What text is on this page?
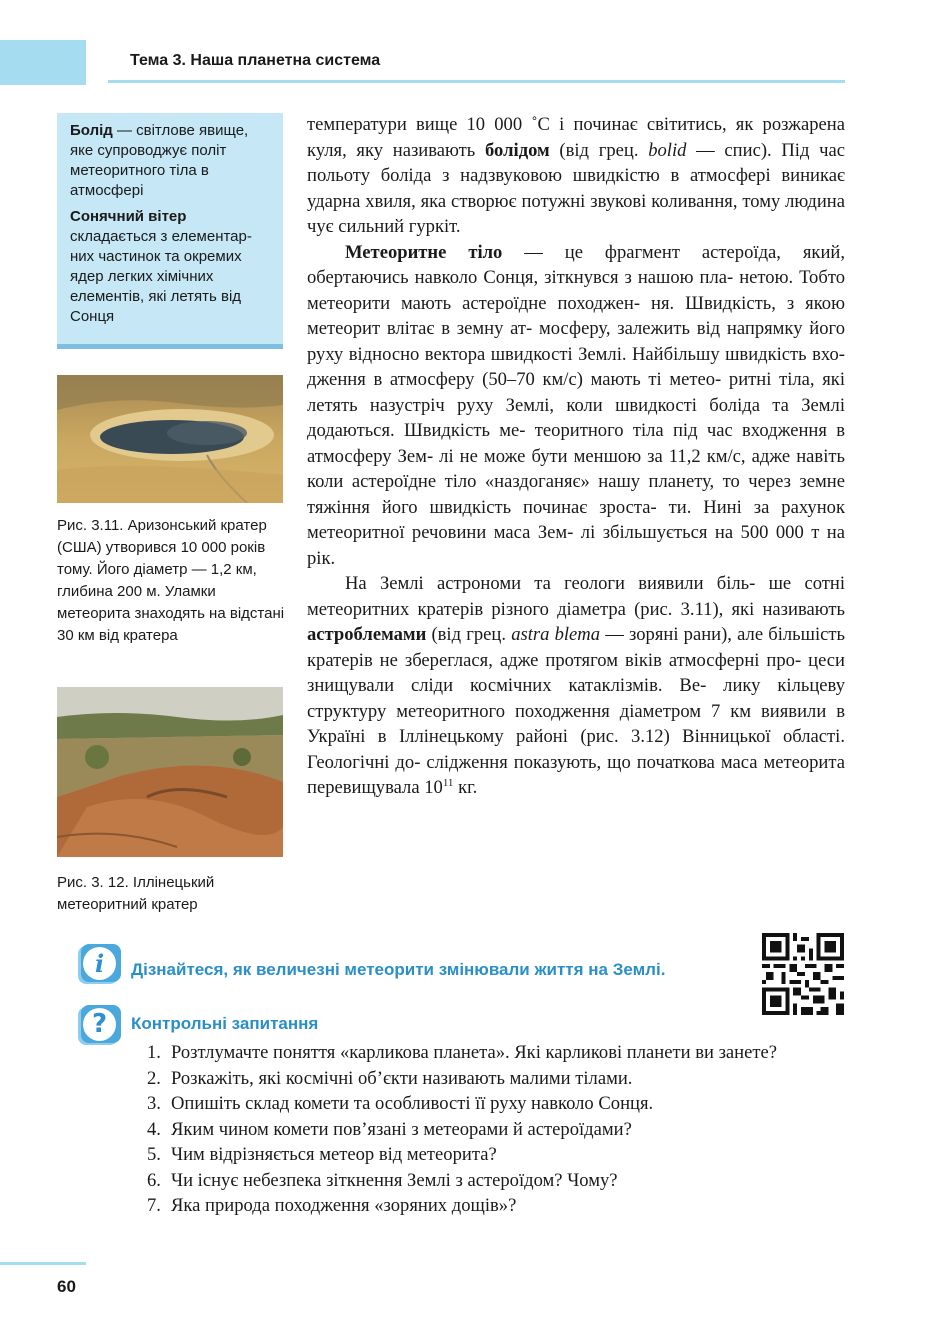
Тема 3. Наша планетна система

Болід — світлове явище, яке супроводжує політ метеоритного тіла в атмосфері

Сонячний вітер
складається з елементар- них частинок та окремих ядер легких хімічних елементів, які летять від Сонця

Рис. 3.11. Аризонський кратер (США) утворився 10 000 років тому. Його діаметр — 1,2 км, глибина 200 м. Уламки метеорита знаходять на відстані 30 км від кратера
Рис. 3. 12. Іллінецький метеоритний кратер

температури вище 10 000 ˚С і починає світитись, як розжарена куля, яку називають болідом (від грец. bolid — спис). Під час польоту боліда з надзвуковою швидкістю в атмосфері виникає ударна хвиля, яка створює потужні звукові коливання, тому людина чує сильний гуркіт.

Метеоритне тіло — це фрагмент астероїда, який, обертаючись навколо Сонця, зіткнувся з нашою пла- нетою. Тобто метеорити мають астероїдне походжен- ня. Швидкість, з якою метеорит влітає в земну ат- мосферу, залежить від напрямку його руху відносно вектора швидкості Землі. Найбільшу швидкість вхо- дження в атмосферу (50–70 км/с) мають ті метео- ритні тіла, які летять назустріч руху Землі, коли швидкості боліда та Землі додаються. Швидкість ме- теоритного тіла під час входження в атмосферу Зем- лі не може бути меншою за 11,2 км/с, адже навіть коли астероїдне тіло «наздоганяє» нашу планету, то через земне тяжіння його швидкість починає зроста- ти. Нині за рахунок метеоритної речовини маса Зем- лі збільшується на 500 000 т на рік.

На Землі астрономи та геологи виявили біль- ше сотні метеоритних кратерів різного діаметра (рис. 3.11), які називають астроблемами (від грец. astra blema — зоряні рани), але більшість кратерів не збереглася, адже протягом віків атмосферні про- цеси знищували сліди космічних катаклізмів. Ве- лику кільцеву структуру метеоритного походження діаметром 7 км виявили в Україні в Іллінецькому районі (рис. 3.12) Вінницької області. Геологічні до- слідження показують, що початкова маса метеорита перевищувала $10^{11}$ кг.

i	Дізнайтеся, як величезні метеорити змінювали життя на Землі.
?	Контрольні запитання
1. Розтлумачте поняття «карликова планета». Які карликові планети ви занете?
2. Розкажіть, які космічні об’єкти називають малими тілами.
3. Опишіть склад комети та особливості її руху навколо Сонця.
4. Яким чином комети пов’язані з метеорами й астероїдами?
5. Чим відрізняється метеор від метеорита?
6. Чи існує небезпека зіткнення Землі з астероїдом? Чому?
7. Яка природа походження «зоряних дощів»?
60
